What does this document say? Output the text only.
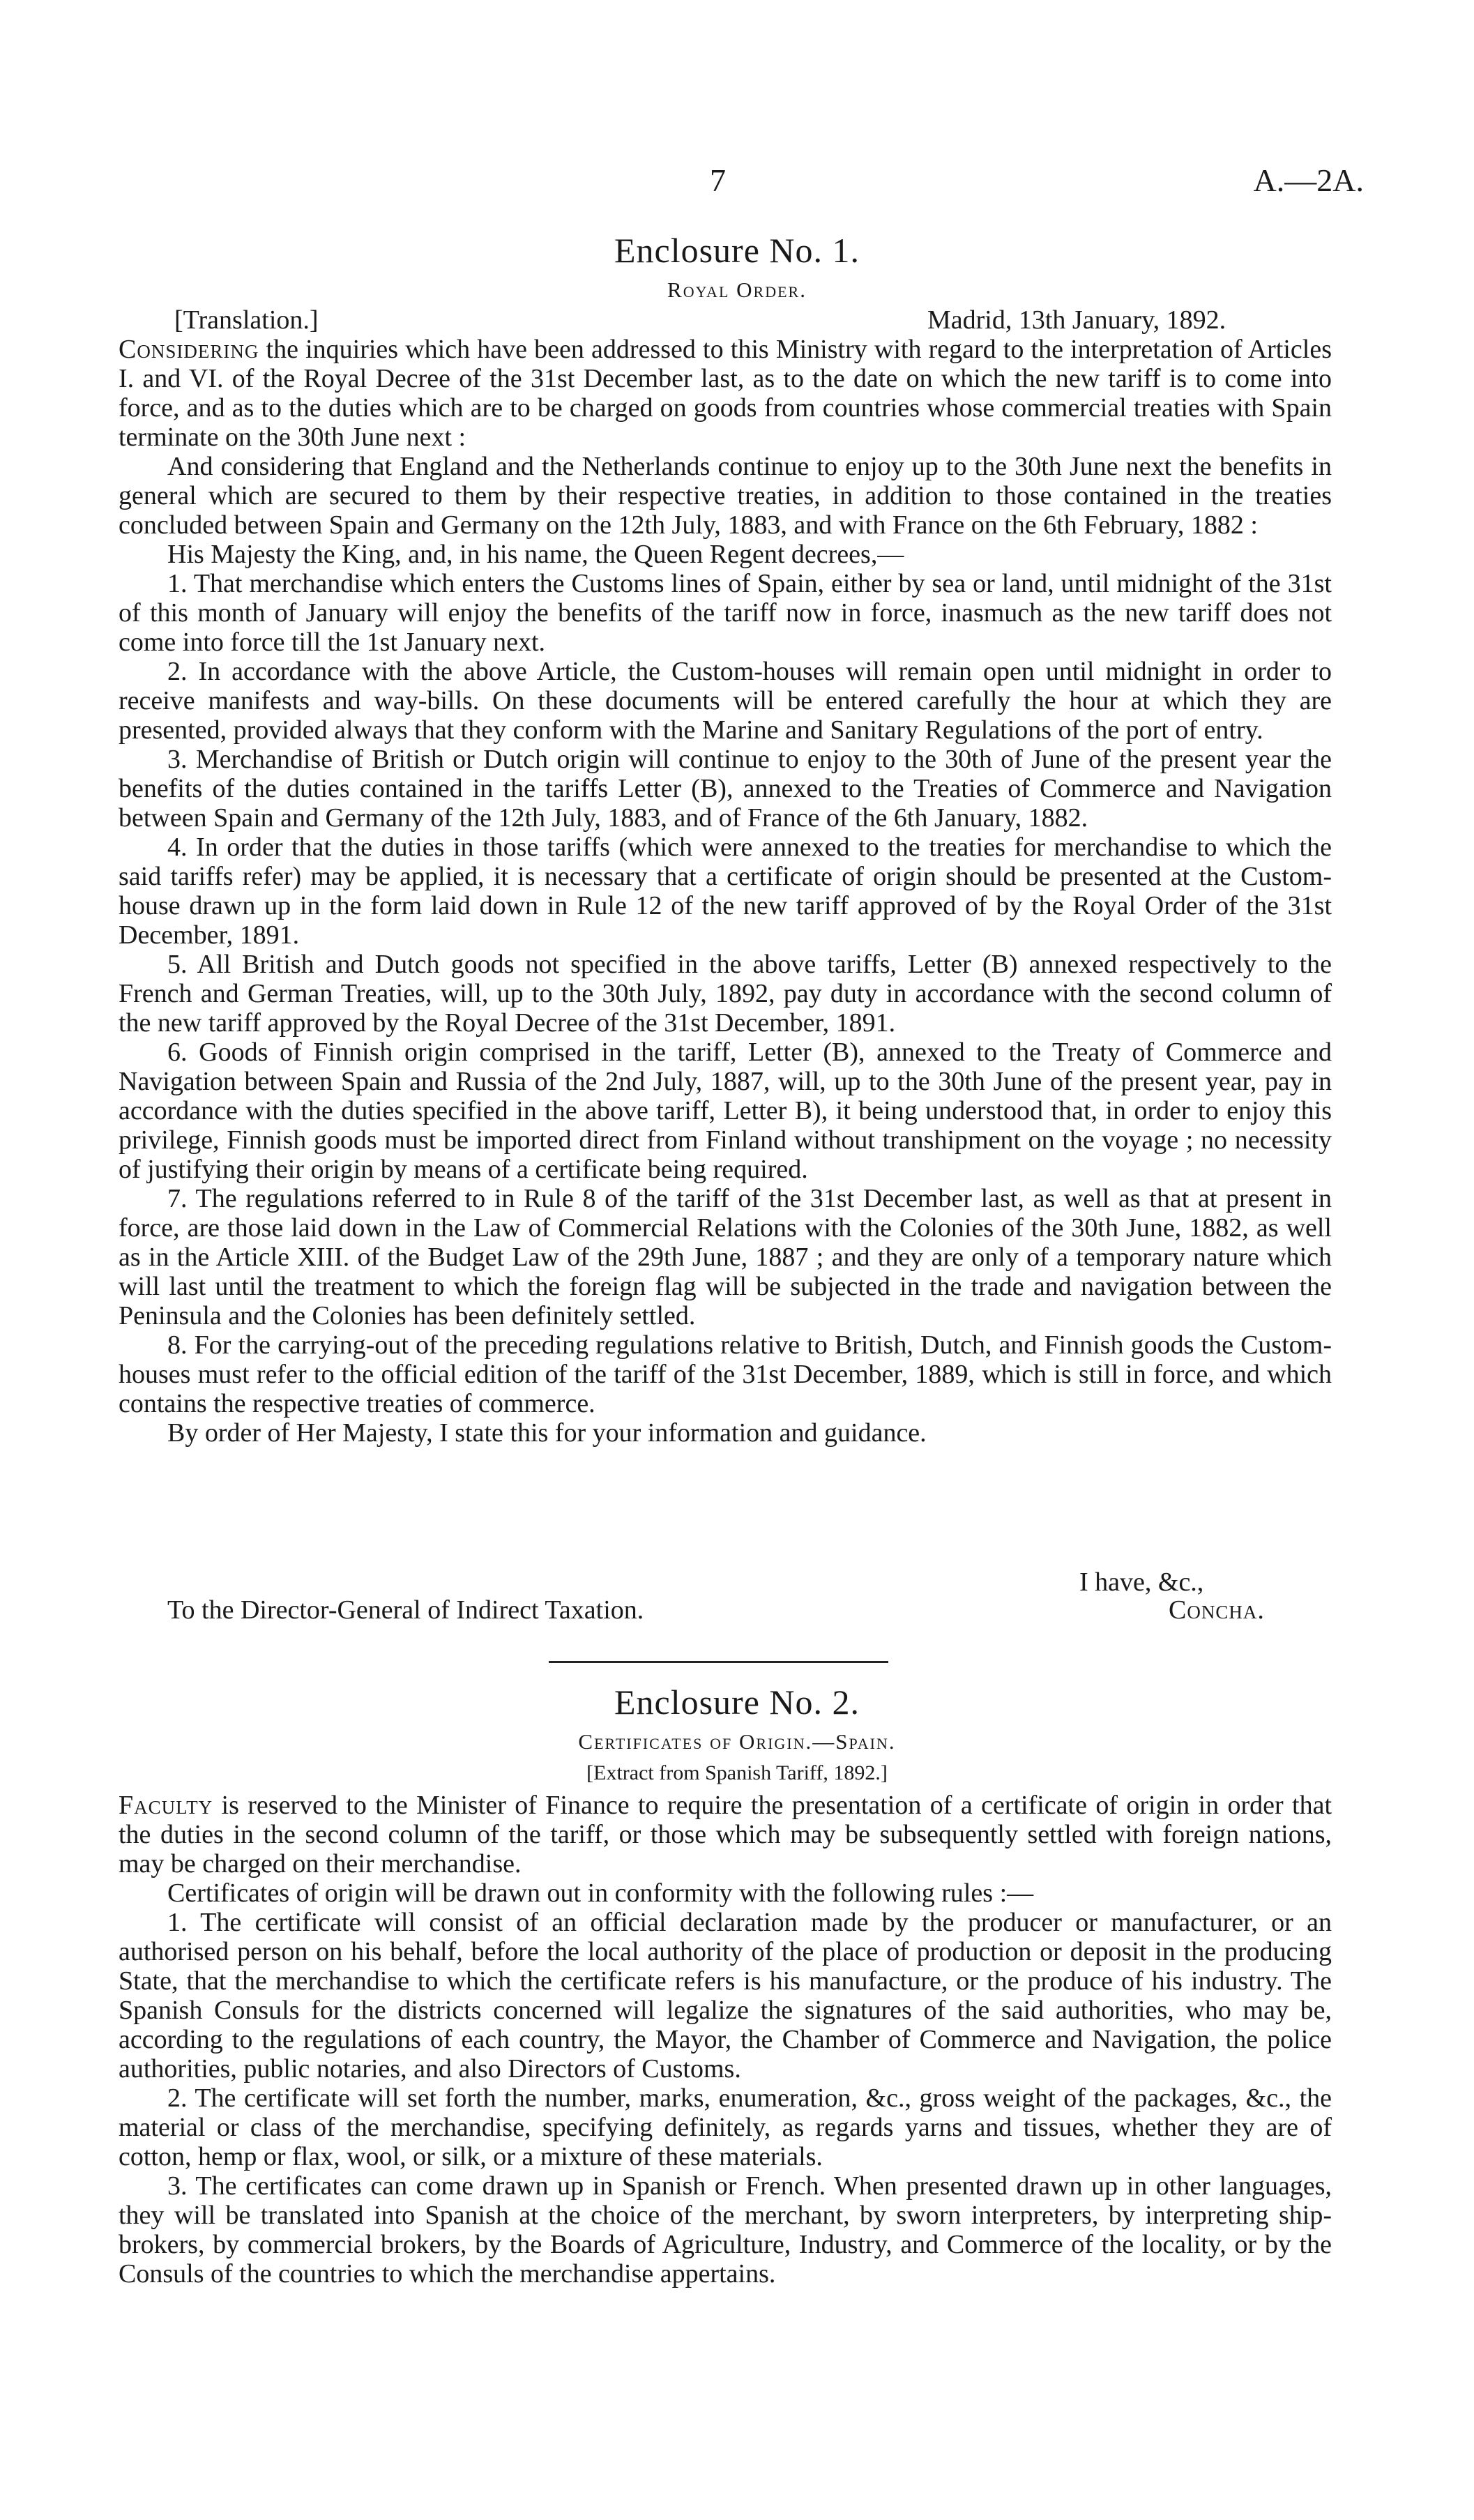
7	A.—2A.
Enclosure No. 1.
Royal Order.
[Translation.]	Madrid, 13th January, 1892.

Considering the inquiries which have been addressed to this Ministry with regard to the interpretation of Articles I. and VI. of the Royal Decree of the 31st December last, as to the date on which the new tariff is to come into force, and as to the duties which are to be charged on goods from countries whose commercial treaties with Spain terminate on the 30th June next :

And considering that England and the Netherlands continue to enjoy up to the 30th June next the benefits in general which are secured to them by their respective treaties, in addition to those contained in the treaties concluded between Spain and Germany on the 12th July, 1883, and with France on the 6th February, 1882 :

His Majesty the King, and, in his name, the Queen Regent decrees,—

1. That merchandise which enters the Customs lines of Spain, either by sea or land, until midnight of the 31st of this month of January will enjoy the benefits of the tariff now in force, inasmuch as the new tariff does not come into force till the 1st January next.

2. In accordance with the above Article, the Custom-houses will remain open until midnight in order to receive manifests and way-bills. On these documents will be entered carefully the hour at which they are presented, provided always that they conform with the Marine and Sanitary Regulations of the port of entry.

3. Merchandise of British or Dutch origin will continue to enjoy to the 30th of June of the present year the benefits of the duties contained in the tariffs Letter (B), annexed to the Treaties of Commerce and Navigation between Spain and Germany of the 12th July, 1883, and of France of the 6th January, 1882.

4. In order that the duties in those tariffs (which were annexed to the treaties for merchandise to which the said tariffs refer) may be applied, it is necessary that a certificate of origin should be presented at the Custom-house drawn up in the form laid down in Rule 12 of the new tariff approved of by the Royal Order of the 31st December, 1891.

5. All British and Dutch goods not specified in the above tariffs, Letter (B) annexed respectively to the French and German Treaties, will, up to the 30th July, 1892, pay duty in accordance with the second column of the new tariff approved by the Royal Decree of the 31st December, 1891.

6. Goods of Finnish origin comprised in the tariff, Letter (B), annexed to the Treaty of Commerce and Navigation between Spain and Russia of the 2nd July, 1887, will, up to the 30th June of the present year, pay in accordance with the duties specified in the above tariff, Letter B), it being understood that, in order to enjoy this privilege, Finnish goods must be imported direct from Finland without transhipment on the voyage ; no necessity of justifying their origin by means of a certificate being required.

7. The regulations referred to in Rule 8 of the tariff of the 31st December last, as well as that at present in force, are those laid down in the Law of Commercial Relations with the Colonies of the 30th June, 1882, as well as in the Article XIII. of the Budget Law of the 29th June, 1887 ; and they are only of a temporary nature which will last until the treatment to which the foreign flag will be subjected in the trade and navigation between the Peninsula and the Colonies has been definitely settled.

8. For the carrying-out of the preceding regulations relative to British, Dutch, and Finnish goods the Custom-houses must refer to the official edition of the tariff of the 31st December, 1889, which is still in force, and which contains the respective treaties of commerce.

By order of Her Majesty, I state this for your information and guidance.

I have, &c.,
To the Director-General of Indirect Taxation.	Concha.
Enclosure No. 2.
Certificates of Origin.—Spain.
[Extract from Spanish Tariff, 1892.]

Faculty is reserved to the Minister of Finance to require the presentation of a certificate of origin in order that the duties in the second column of the tariff, or those which may be subsequently settled with foreign nations, may be charged on their merchandise.

Certificates of origin will be drawn out in conformity with the following rules :—

1. The certificate will consist of an official declaration made by the producer or manufacturer, or an authorised person on his behalf, before the local authority of the place of production or deposit in the producing State, that the merchandise to which the certificate refers is his manufacture, or the produce of his industry. The Spanish Consuls for the districts concerned will legalize the signatures of the said authorities, who may be, according to the regulations of each country, the Mayor, the Chamber of Commerce and Navigation, the police authorities, public notaries, and also Directors of Customs.

2. The certificate will set forth the number, marks, enumeration, &c., gross weight of the packages, &c., the material or class of the merchandise, specifying definitely, as regards yarns and tissues, whether they are of cotton, hemp or flax, wool, or silk, or a mixture of these materials.

3. The certificates can come drawn up in Spanish or French. When presented drawn up in other languages, they will be translated into Spanish at the choice of the merchant, by sworn interpreters, by interpreting ship-brokers, by commercial brokers, by the Boards of Agriculture, Industry, and Commerce of the locality, or by the Consuls of the countries to which the merchandise appertains.
